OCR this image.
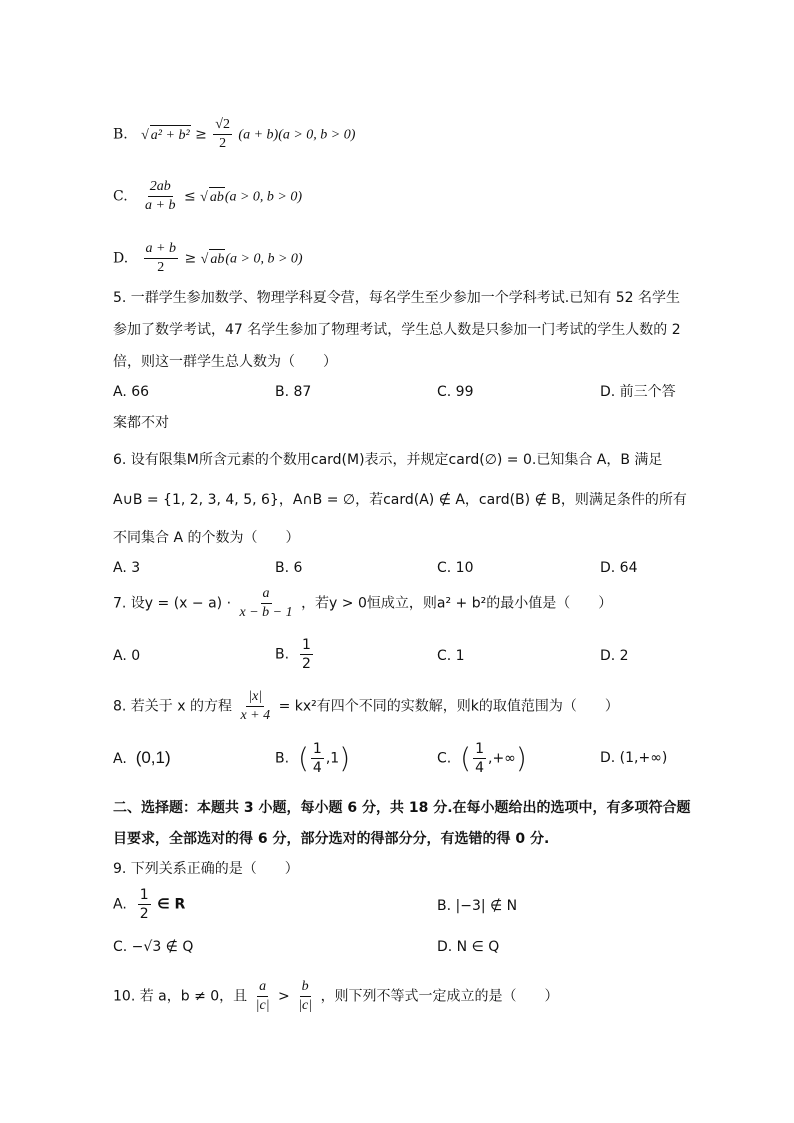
B. √ $a^2 + b^2 \ge \frac{√2}{2} (a + b)(a > 0$, b > 0)
C. $\frac{2ab}{a + b}$ ≤ √ ab(a > 0, b > 0)
D. $\frac{a + b}{2}$ ≥ √ ab(a > 0, b > 0)
5. 一群学生参加数学、物理学科夏令营，每名学生至少参加一个学科考试.已知有 52 名学生
参加了数学考试，47 名学生参加了物理考试，学生总人数是只参加一门考试的学生人数的 2
倍，则这一群学生总人数为（　　）
A. 66	B. 87	C. 99	D. 前三个答
案都不对
6. 设有限集M所含元素的个数用card(M)表示，并规定card(∅) = 0.已知集合 A，B 满足
A∪B = {1, 2, 3, 4, 5, 6}，A∩B = ∅，若card(A) ∉ A，card(B) ∉ B，则满足条件的所有
不同集合 A 的个数为（　　）
A. 3	B. 6	C. 10	D. 64
7. 设$y = (x - a) \cdot \frac{a}{x - b - 1}$ ，若y > 0恒成立，则a² + b²的最小值是（　　）
A. 0	B. $\frac{1}{2}$	C. 1	D. 2
8. 若关于 x 的方程 $\frac{|x|}{x + 4} = kx^2$有四个不同的实数解，则k的取值范围为（　　）
A. (0,1)	B. ( $\frac{1}{4} ,1$)	C. ( $\frac{1}{4}$ ,+∞)	D. (1,+∞)
二、选择题：本题共 3 小题，每小题 6 分，共 18 分.在每小题给出的选项中，有多项符合题
目要求，全部选对的得 6 分，部分选对的得部分分，有选错的得 0 分.
9. 下列关系正确的是（　　）
A. $\frac{1}{2}$ ∈ R	B. |−3| ∉ N
C. −√3 ∉ Q	D. N ∈ Q
10. 若 a，b ≠ 0，且 $\frac{a}{|c|} > \frac{b}{|c|}$ ，则下列不等式一定成立的是（　　）
